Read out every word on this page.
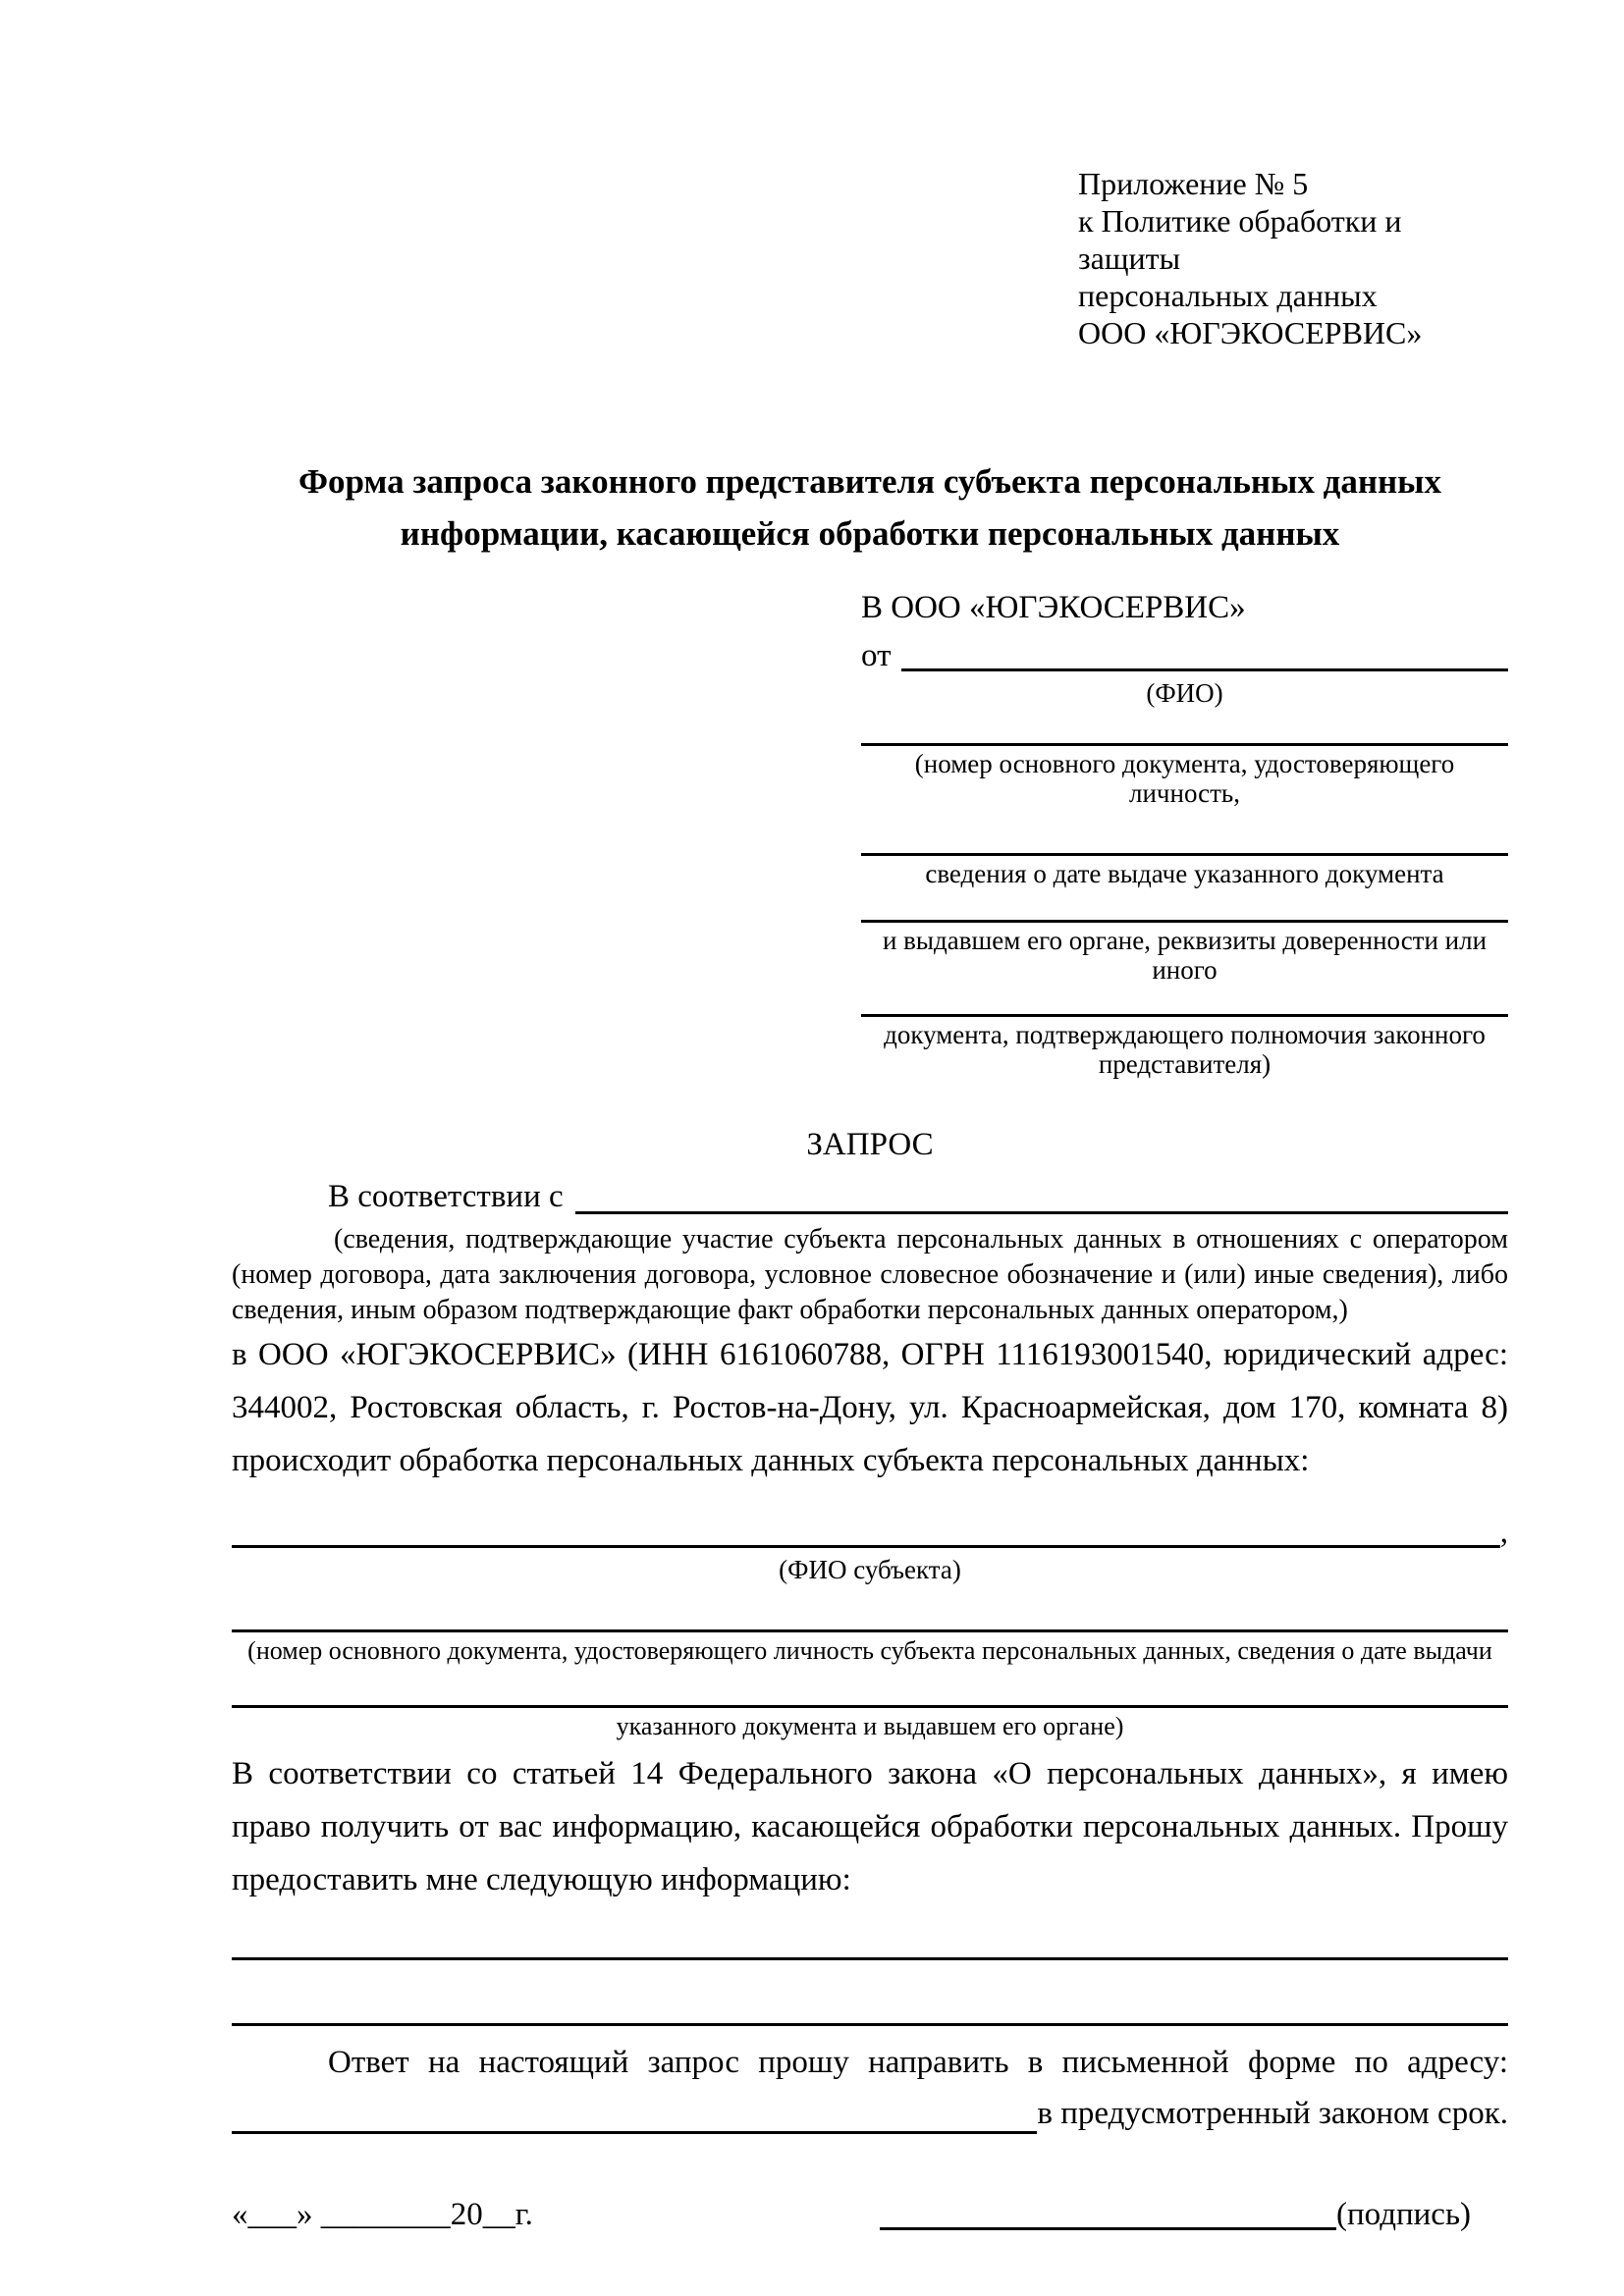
Приложение № 5
к Политике обработки и защиты
персональных данных
ООО «ЮГЭКОСЕРВИС»
Форма запроса законного представителя субъекта персональных данных информации, касающейся обработки персональных данных
В ООО «ЮГЭКОСЕРВИС»
от
(ФИО)
(номер основного документа, удостоверяющего личность,
сведения о дате выдаче указанного документа
и выдавшем его органе, реквизиты доверенности или иного
документа, подтверждающего полномочия законного представителя)
ЗАПРОС
В соответствии с
(сведения, подтверждающие участие субъекта персональных данных в отношениях с оператором (номер договора, дата заключения договора, условное словесное обозначение и (или) иные сведения), либо сведения, иным образом подтверждающие факт обработки персональных данных оператором,)
в ООО «ЮГЭКОСЕРВИС» (ИНН 6161060788, ОГРН 1116193001540, юридический адрес: 344002, Ростовская область, г. Ростов-на-Дону, ул. Красноармейская, дом 170, комната 8) происходит обработка персональных данных субъекта персональных данных:
,
(ФИО субъекта)
(номер основного документа, удостоверяющего личность субъекта персональных данных, сведения о дате выдачи
указанного документа и выдавшем его органе)
В соответствии со статьей 14 Федерального закона «О персональных данных», я имею право получить от вас информацию, касающейся обработки персональных данных. Прошу предоставить мне следующую информацию:
Ответ на настоящий запрос прошу направить в письменной форме по адресу:
в предусмотренный законом срок.
«___» ________20__г.	(подпись)
